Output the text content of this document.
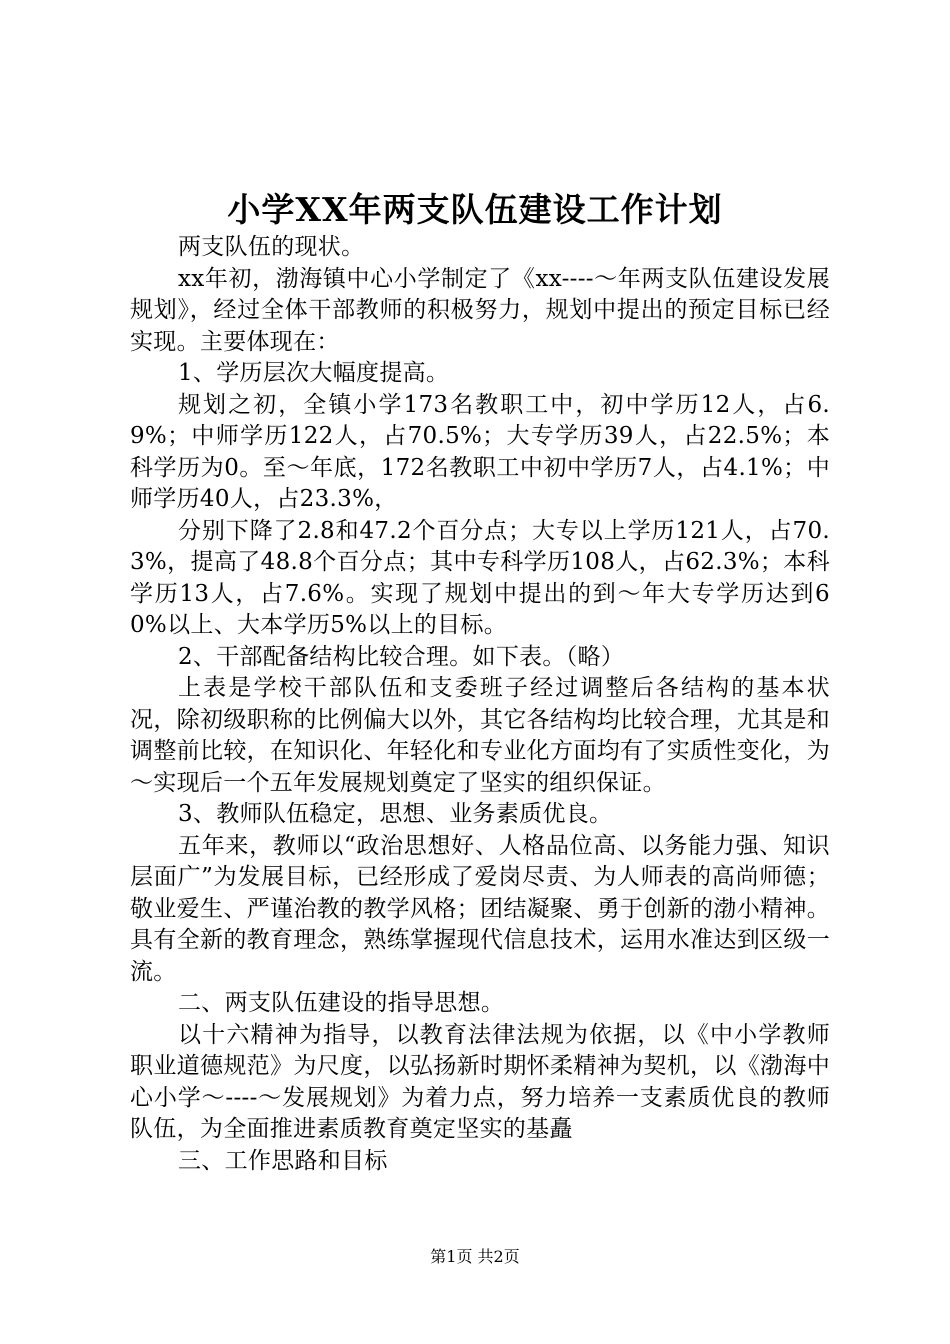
小学XX年两支队伍建设工作计划

两支队伍的现状。

xx年初，渤海镇中心小学制定了《xx----～年两支队伍建设发展规划》，经过全体干部教师的积极努力，规划中提出的预定目标已经实现。主要体现在：

1、学历层次大幅度提高。

规划之初，全镇小学173名教职工中，初中学历12人，占6.9%；中师学历122人，占70.5%；大专学历39人，占22.5%；本科学历为0。至～年底，172名教职工中初中学历7人，占4.1%；中师学历40人，占23.3%，

分别下降了2.8和47.2个百分点；大专以上学历121人，占70.3%，提高了48.8个百分点；其中专科学历108人，占62.3%；本科学历13人，占7.6%。实现了规划中提出的到～年大专学历达到60%以上、大本学历5%以上的目标。

2、干部配备结构比较合理。如下表。（略）

上表是学校干部队伍和支委班子经过调整后各结构的基本状况，除初级职称的比例偏大以外，其它各结构均比较合理，尤其是和调整前比较，在知识化、年轻化和专业化方面均有了实质性变化，为～实现后一个五年发展规划奠定了坚实的组织保证。

3、教师队伍稳定，思想、业务素质优良。

五年来，教师以“政治思想好、人格品位高、以务能力强、知识层面广”为发展目标，已经形成了爱岗尽责、为人师表的高尚师德；敬业爱生、严谨治教的教学风格；团结凝聚、勇于创新的渤小精神。具有全新的教育理念，熟练掌握现代信息技术，运用水准达到区级一流。

二、两支队伍建设的指导思想。

以十六精神为指导，以教育法律法规为依据，以《中小学教师职业道德规范》为尺度，以弘扬新时期怀柔精神为契机，以《渤海中心小学～----～发展规划》为着力点，努力培养一支素质优良的教师队伍，为全面推进素质教育奠定坚实的基矗

三、工作思路和目标

第1页 共2页
